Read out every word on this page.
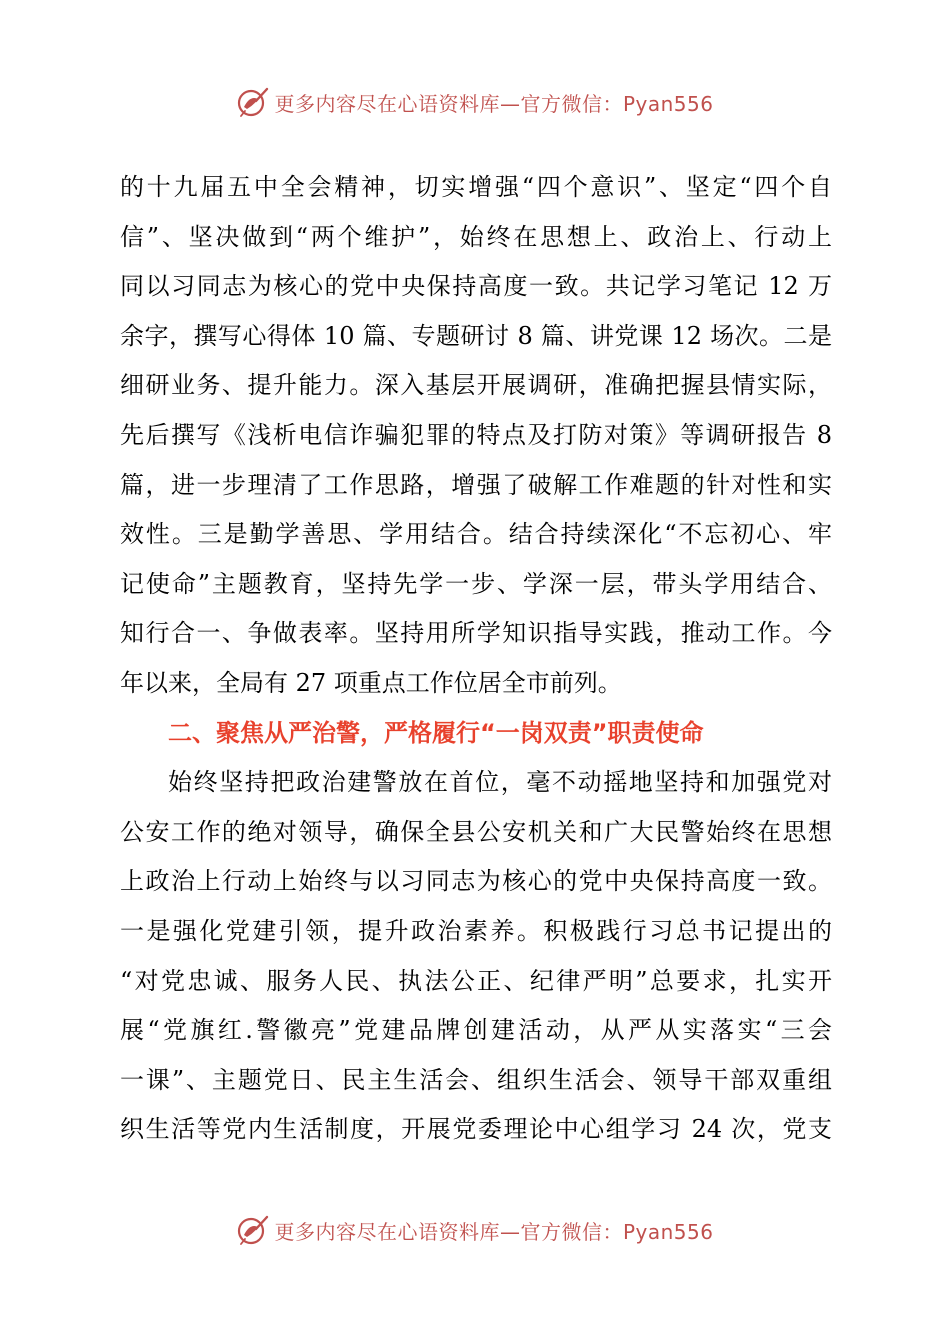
更多内容尽在心语资料库—官方微信：Pyan556
的十九届五中全会精神，切实增强“四个意识”、坚定“四个自
信”、坚决做到“两个维护”，始终在思想上、政治上、行动上
同以习同志为核心的党中央保持高度一致。共记学习笔记 12 万
余字，撰写心得体 10 篇、专题研讨 8 篇、讲党课 12 场次。二是
细研业务、提升能力。深入基层开展调研，准确把握县情实际，
先后撰写《浅析电信诈骗犯罪的特点及打防对策》等调研报告 8
篇，进一步理清了工作思路，增强了破解工作难题的针对性和实
效性。三是勤学善思、学用结合。结合持续深化“不忘初心、牢
记使命”主题教育，坚持先学一步、学深一层，带头学用结合、
知行合一、争做表率。坚持用所学知识指导实践，推动工作。今
年以来，全局有 27 项重点工作位居全市前列。
二、聚焦从严治警，严格履行“一岗双责”职责使命
始终坚持把政治建警放在首位，毫不动摇地坚持和加强党对
公安工作的绝对领导，确保全县公安机关和广大民警始终在思想
上政治上行动上始终与以习同志为核心的党中央保持高度一致。
一是强化党建引领，提升政治素养。积极践行习总书记提出的
“对党忠诚、服务人民、执法公正、纪律严明”总要求，扎实开
展“党旗红.警徽亮”党建品牌创建活动，从严从实落实“三会
一课”、主题党日、民主生活会、组织生活会、领导干部双重组
织生活等党内生活制度，开展党委理论中心组学习 24 次，党支
更多内容尽在心语资料库—官方微信：Pyan556
